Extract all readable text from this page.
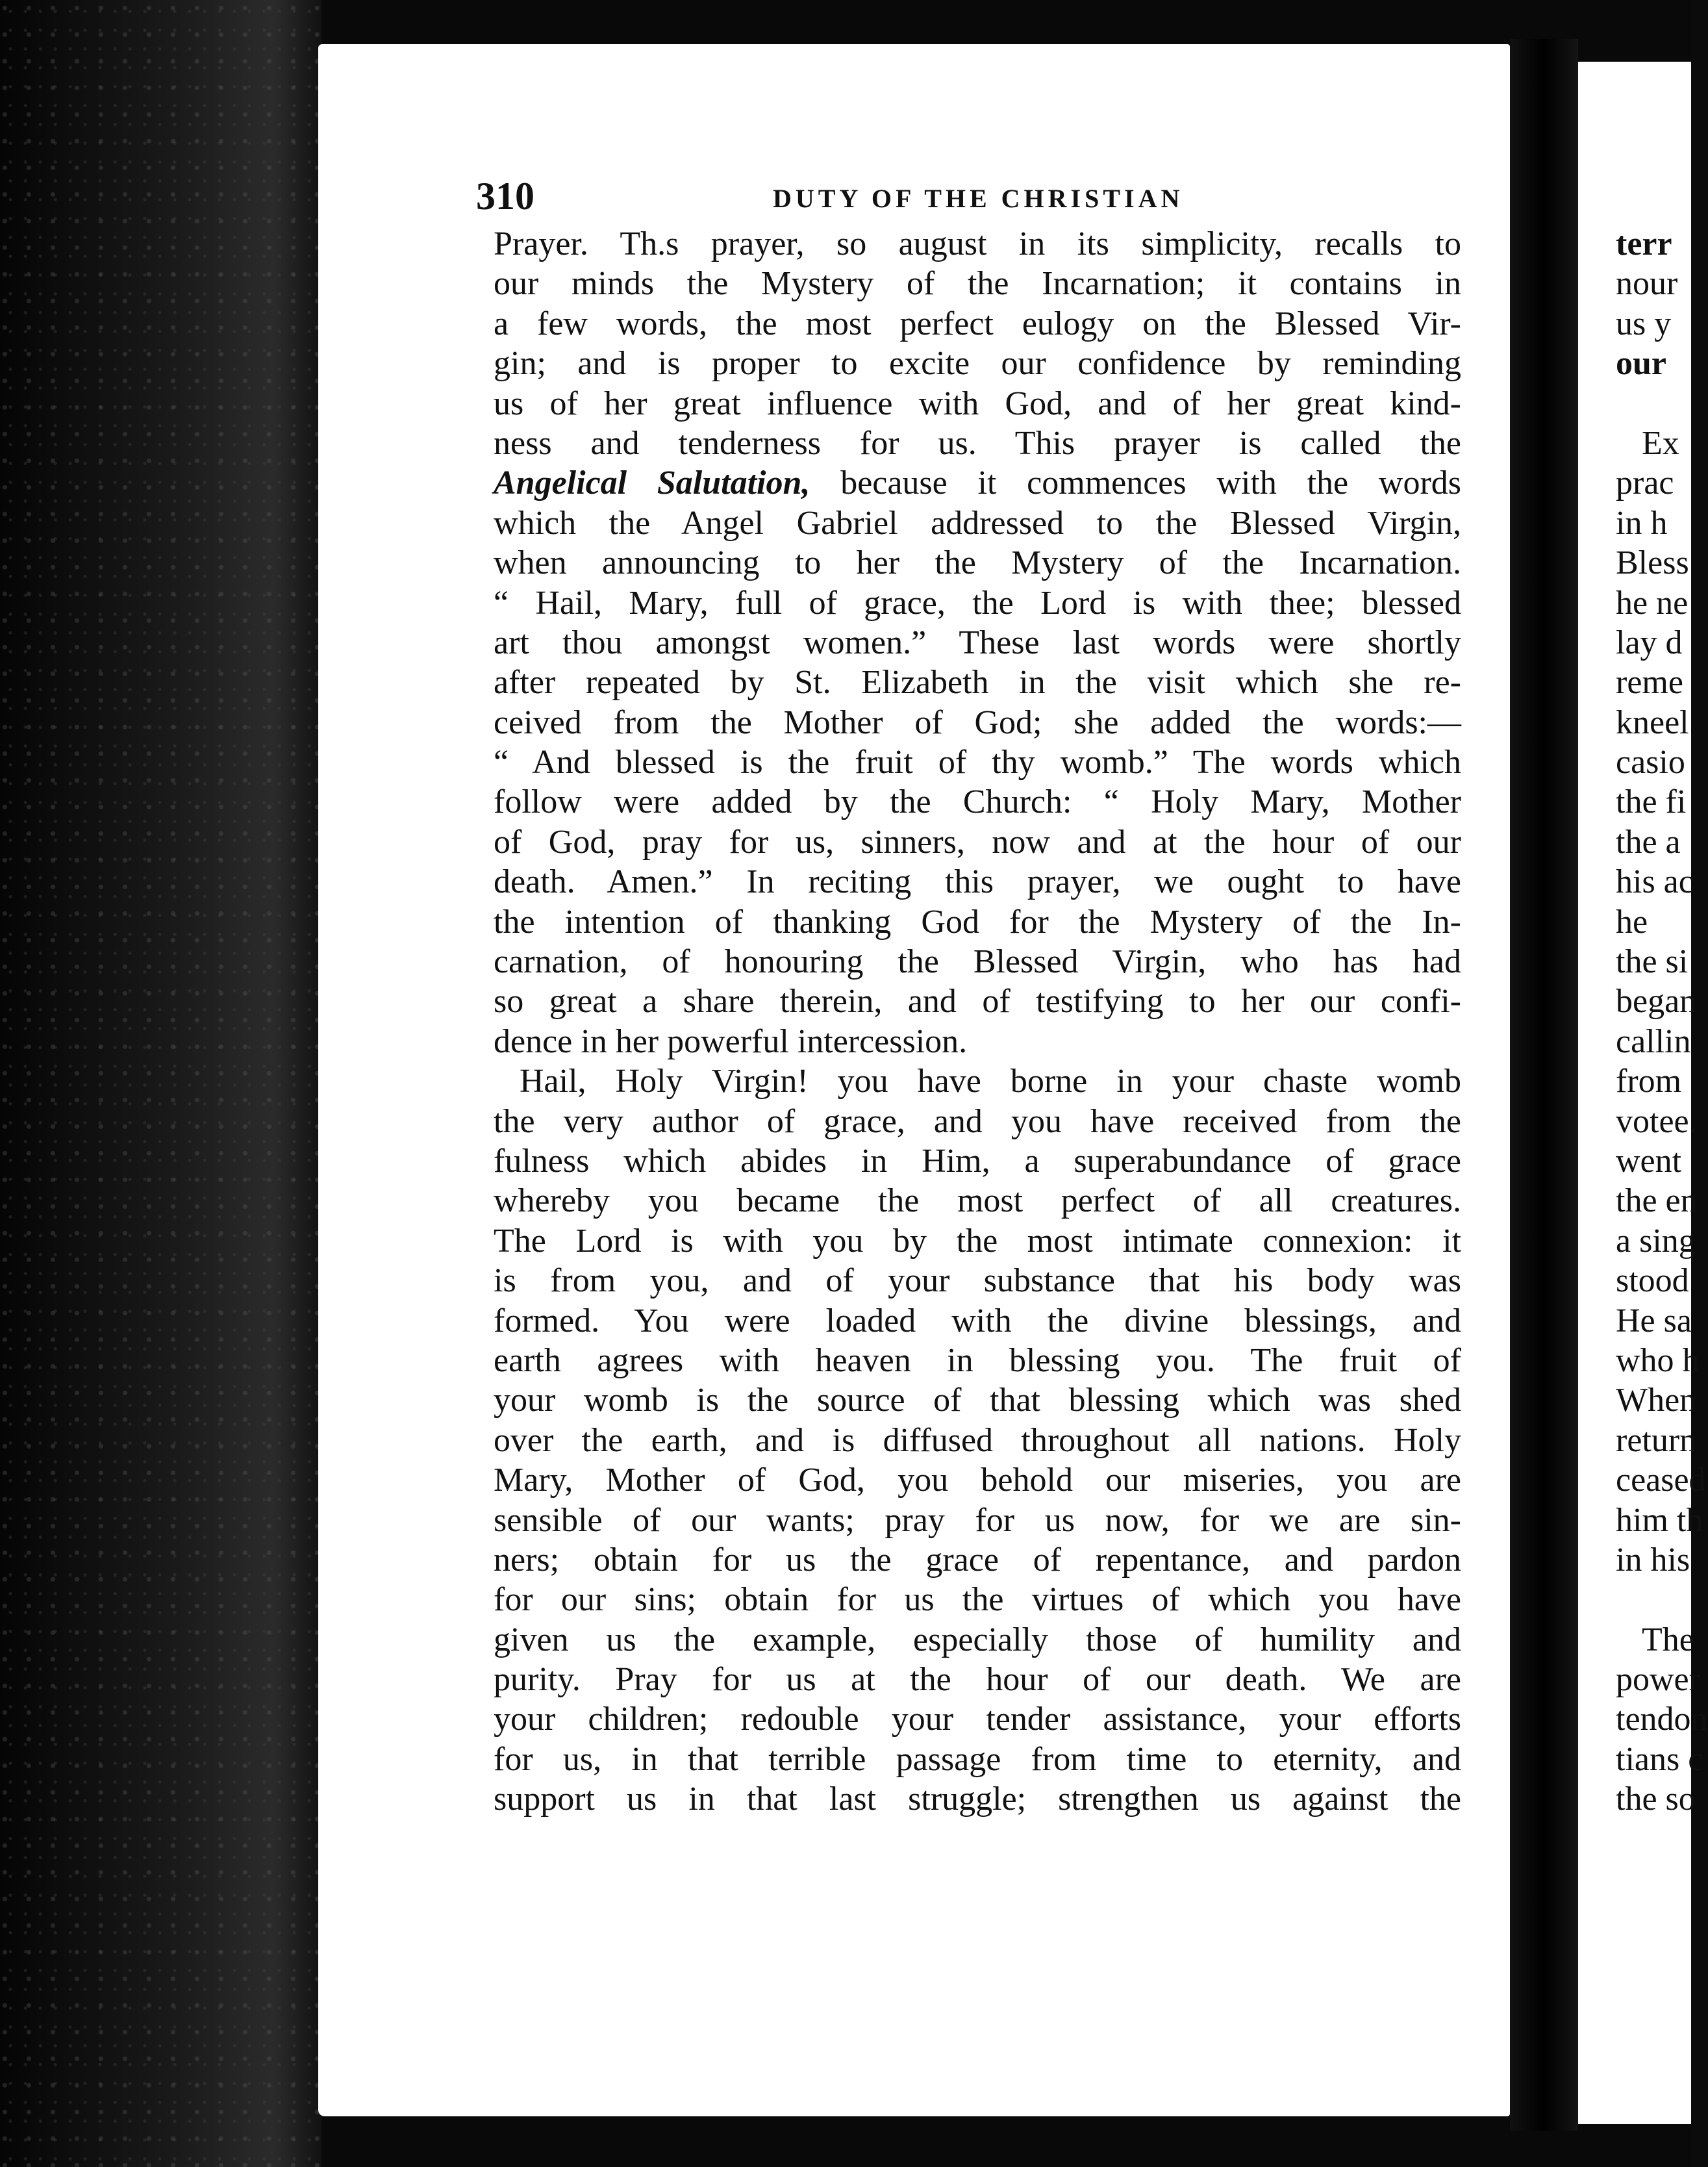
310	DUTY OF THE CHRISTIAN
Prayer. Th.s prayer, so august in its simplicity, recalls to
our minds the Mystery of the Incarnation; it contains in
a few words, the most perfect eulogy on the Blessed Vir-
gin; and is proper to excite our confidence by reminding
us of her great influence with God, and of her great kind-
ness and tenderness for us. This prayer is called the
Angelical Salutation, because it commences with the words
which the Angel Gabriel addressed to the Blessed Virgin,
when announcing to her the Mystery of the Incarnation.
“ Hail, Mary, full of grace, the Lord is with thee; blessed
art thou amongst women.” These last words were shortly
after repeated by St. Elizabeth in the visit which she re-
ceived from the Mother of God; she added the words:—
“ And blessed is the fruit of thy womb.” The words which
follow were added by the Church: “ Holy Mary, Mother
of God, pray for us, sinners, now and at the hour of our
death. Amen.” In reciting this prayer, we ought to have
the intention of thanking God for the Mystery of the In-
carnation, of honouring the Blessed Virgin, who has had
so great a share therein, and of testifying to her our confi-
dence in her powerful intercession.
Hail, Holy Virgin! you have borne in your chaste womb
the very author of grace, and you have received from the
fulness which abides in Him, a superabundance of grace
whereby you became the most perfect of all creatures.
The Lord is with you by the most intimate connexion: it
is from you, and of your substance that his body was
formed. You were loaded with the divine blessings, and
earth agrees with heaven in blessing you. The fruit of
your womb is the source of that blessing which was shed
over the earth, and is diffused throughout all nations. Holy
Mary, Mother of God, you behold our miseries, you are
sensible of our wants; pray for us now, for we are sin-
ners; obtain for us the grace of repentance, and pardon
for our sins; obtain for us the virtues of which you have
given us the example, especially those of humility and
purity. Pray for us at the hour of our death. We are
your children; redouble your tender assistance, your efforts
for us, in that terrible passage from time to eternity, and
support us in that last struggle; strengthen us against the
terr
nour
us y
our
Ex
prac
in h
Bless
he ne
lay d
reme
kneel
casio
the fi
the a
his ac
he
the si
began
callin
from
votee.
went
the en
a sing
stood
He sa
who h
When
return
ceased
him th
in his
The
power
tendon
tians c
the so
